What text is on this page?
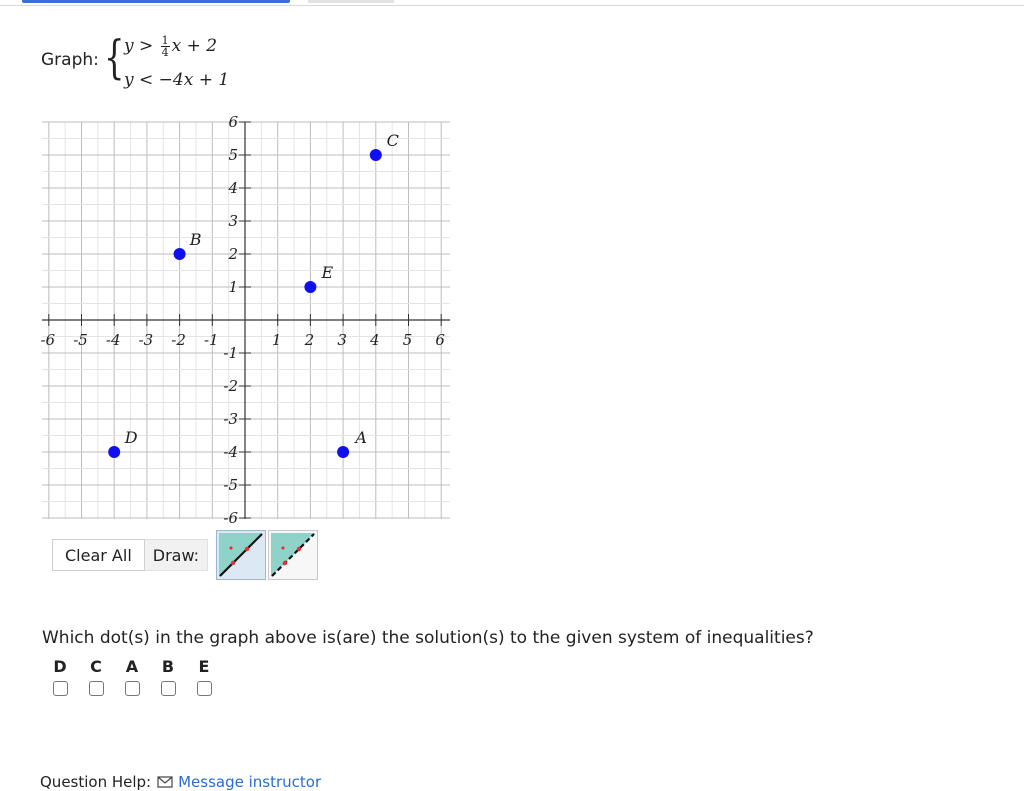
Graph: { $y > \frac{1}{4}$ x + 2
y < −4x + 1
-6 -5 -4 -3 -2 -1	1 2 3 4 5 6
6
5
4
3
2
1
-1
-2
-3
-4
-5
-6
C
B
E
D	A
Clear All	Draw:
Which dot(s) in the graph above is(are) the solution(s) to the given system of inequalities?
D C A B E
Question Help: Message instructor
